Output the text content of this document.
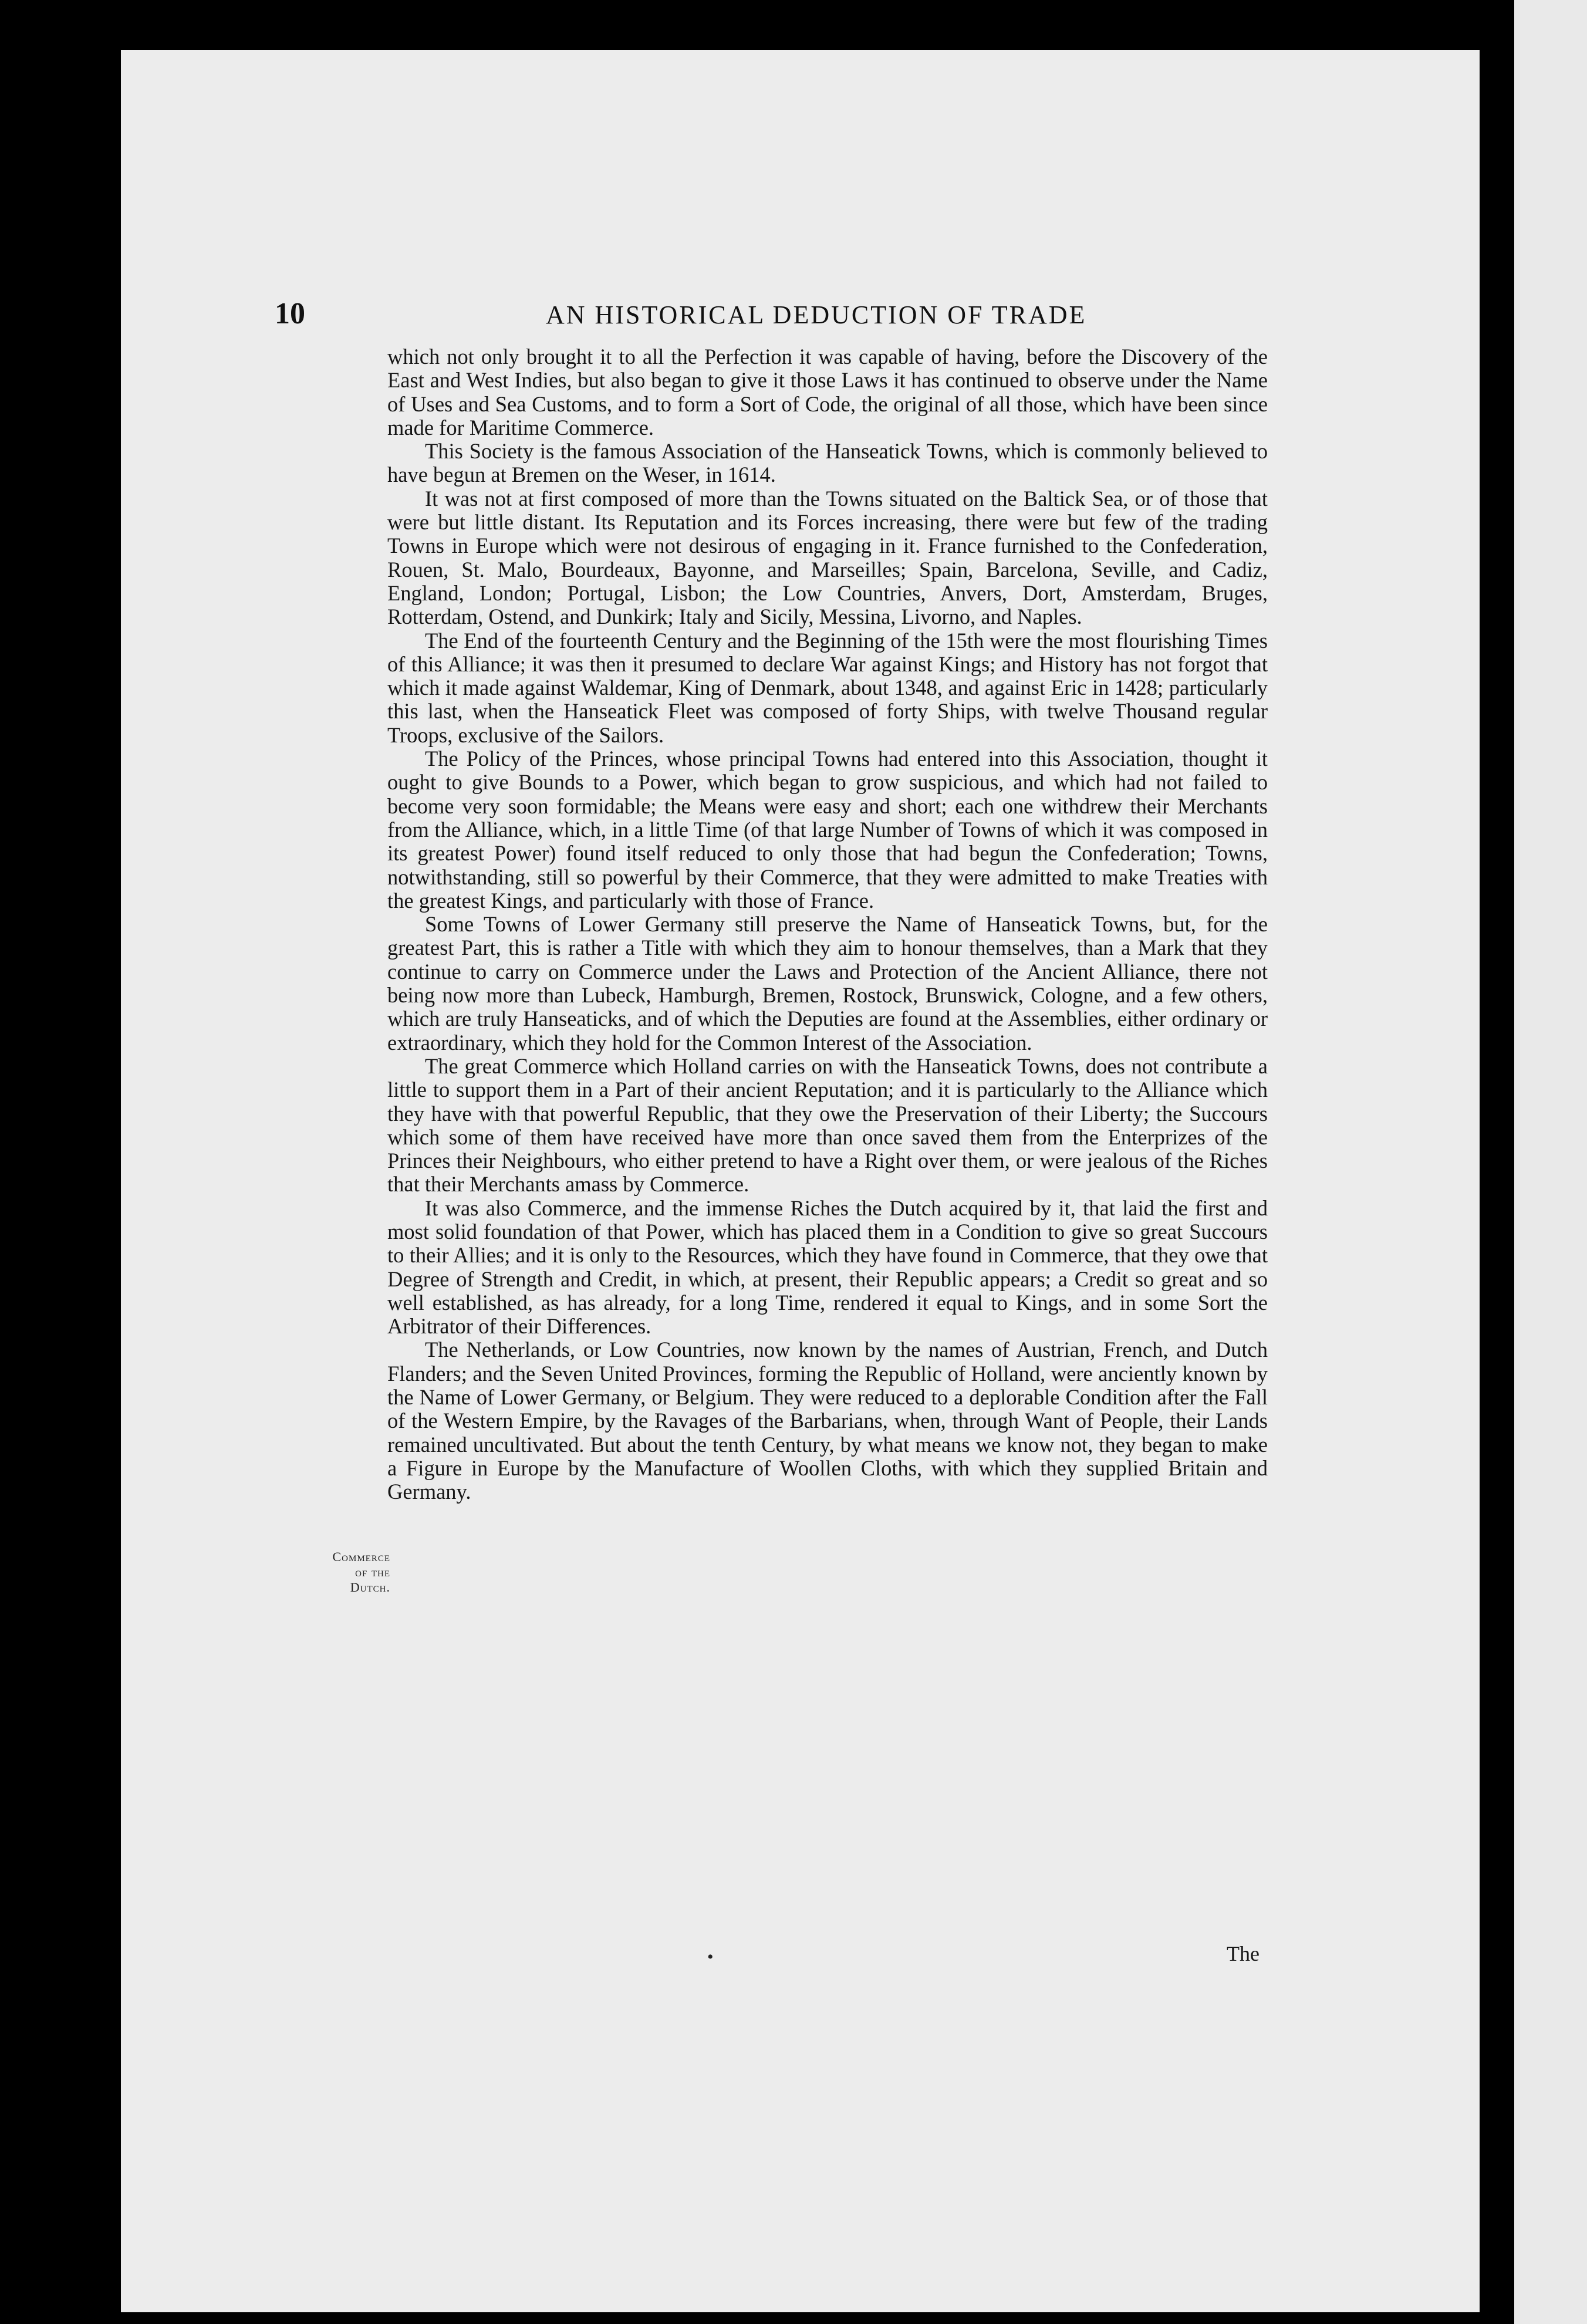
10	AN HISTORICAL DEDUCTION OF TRADE
Commerce
of the
Dutch.

which not only brought it to all the Perfection it was capable of having, before the Discovery of the East and West Indies, but also began to give it those Laws it has continued to observe under the Name of Uses and Sea Customs, and to form a Sort of Code, the original of all those, which have been since made for Maritime Commerce.

This Society is the famous Association of the Hanseatick Towns, which is commonly believed to have begun at Bremen on the Weser, in 1614.

It was not at first composed of more than the Towns situated on the Baltick Sea, or of those that were but little distant. Its Reputation and its Forces increasing, there were but few of the trading Towns in Europe which were not desirous of engaging in it. France furnished to the Confederation, Rouen, St. Malo, Bourdeaux, Bayonne, and Marseilles; Spain, Barcelona, Seville, and Cadiz, England, London; Portugal, Lisbon; the Low Countries, Anvers, Dort, Amsterdam, Bruges, Rotterdam, Ostend, and Dunkirk; Italy and Sicily, Messina, Livorno, and Naples.

The End of the fourteenth Century and the Beginning of the 15th were the most flourishing Times of this Alliance; it was then it presumed to declare War against Kings; and History has not forgot that which it made against Waldemar, King of Denmark, about 1348, and against Eric in 1428; particularly this last, when the Hanseatick Fleet was composed of forty Ships, with twelve Thousand regular Troops, exclusive of the Sailors.

The Policy of the Princes, whose principal Towns had entered into this Association, thought it ought to give Bounds to a Power, which began to grow suspicious, and which had not failed to become very soon formidable; the Means were easy and short; each one withdrew their Merchants from the Alliance, which, in a little Time (of that large Number of Towns of which it was composed in its greatest Power) found itself reduced to only those that had begun the Confederation; Towns, notwithstanding, still so powerful by their Commerce, that they were admitted to make Treaties with the greatest Kings, and particularly with those of France.

Some Towns of Lower Germany still preserve the Name of Hanseatick Towns, but, for the greatest Part, this is rather a Title with which they aim to honour themselves, than a Mark that they continue to carry on Commerce under the Laws and Protection of the Ancient Alliance, there not being now more than Lubeck, Hamburgh, Bremen, Rostock, Brunswick, Cologne, and a few others, which are truly Hanseaticks, and of which the Deputies are found at the Assemblies, either ordinary or extraordinary, which they hold for the Common Interest of the Association.

The great Commerce which Holland carries on with the Hanseatick Towns, does not contribute a little to support them in a Part of their ancient Reputation; and it is particularly to the Alliance which they have with that powerful Republic, that they owe the Preservation of their Liberty; the Succours which some of them have received have more than once saved them from the Enterprizes of the Princes their Neighbours, who either pretend to have a Right over them, or were jealous of the Riches that their Merchants amass by Commerce.

It was also Commerce, and the immense Riches the Dutch acquired by it, that laid the first and most solid foundation of that Power, which has placed them in a Condition to give so great Succours to their Allies; and it is only to the Resources, which they have found in Commerce, that they owe that Degree of Strength and Credit, in which, at present, their Republic appears; a Credit so great and so well established, as has already, for a long Time, rendered it equal to Kings, and in some Sort the Arbitrator of their Differences.

The Netherlands, or Low Countries, now known by the names of Austrian, French, and Dutch Flanders; and the Seven United Provinces, forming the Republic of Holland, were anciently known by the Name of Lower Germany, or Belgium. They were reduced to a deplorable Condition after the Fall of the Western Empire, by the Ravages of the Barbarians, when, through Want of People, their Lands remained uncultivated. But about the tenth Century, by what means we know not, they began to make a Figure in Europe by the Manufacture of Woollen Cloths, with which they supplied Britain and Germany.

•	The
